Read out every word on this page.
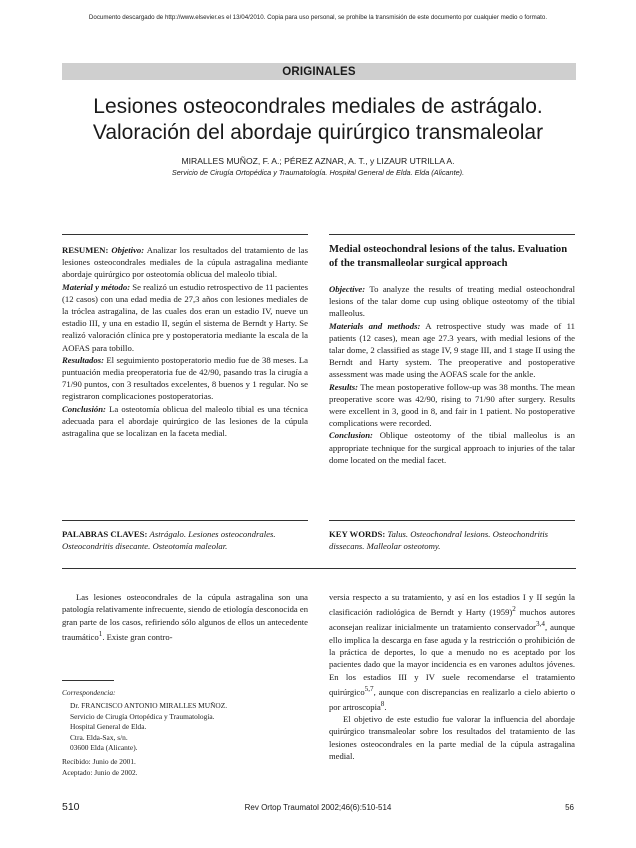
Documento descargado de http://www.elsevier.es el 13/04/2010. Copia para uso personal, se prohíbe la transmisión de este documento por cualquier medio o formato.
ORIGINALES
Lesiones osteocondrales mediales de astrágalo.
Valoración del abordaje quirúrgico transmaleolar
MIRALLES MUÑOZ, F. A.; PÉREZ AZNAR, A. T., y LIZAUR UTRILLA A.
Servicio de Cirugía Ortopédica y Traumatología. Hospital General de Elda. Elda (Alicante).

RESUMEN: Objetivo: Analizar los resultados del tratamiento de las lesiones osteocondrales mediales de la cúpula astragalina mediante abordaje quirúrgico por osteotomía oblicua del maleolo tibial.

Material y método: Se realizó un estudio retrospectivo de 11 pacientes (12 casos) con una edad media de 27,3 años con lesiones mediales de la tróclea astragalina, de las cuales dos eran un estadio IV, nueve un estadio III, y una en estadio II, según el sistema de Berndt y Harty. Se realizó valoración clínica pre y postoperatoria mediante la escala de la AOFAS para tobillo.

Resultados: El seguimiento postoperatorio medio fue de 38 meses. La puntuación media preoperatoria fue de 42/90, pasando tras la cirugía a 71/90 puntos, con 3 resultados excelentes, 8 buenos y 1 regular. No se registraron complicaciones postoperatorias.

Conclusión: La osteotomía oblicua del maleolo tibial es una técnica adecuada para el abordaje quirúrgico de las lesiones de la cúpula astragalina que se localizan en la faceta medial.

PALABRAS CLAVES: Astrágalo. Lesiones osteocondrales. Osteocondritis disecante. Osteotomía maleolar.
Medial osteochondral lesions of the talus. Evaluation of the transmalleolar surgical approach

Objective: To analyze the results of treating medial osteochondral lesions of the talar dome cup using oblique osteotomy of the tibial malleolus.

Materials and methods: A retrospective study was made of 11 patients (12 cases), mean age 27.3 years, with medial lesions of the talar dome, 2 classified as stage IV, 9 stage III, and 1 stage II using the Berndt and Harty system. The preoperative and postoperative assessment was made using the AOFAS scale for the ankle.

Results: The mean postoperative follow-up was 38 months. The mean preoperative score was 42/90, rising to 71/90 after surgery. Results were excellent in 3, good in 8, and fair in 1 patient. No postoperative complications were recorded.

Conclusion: Oblique osteotomy of the tibial malleolus is an appropriate technique for the surgical approach to injuries of the talar dome located on the medial facet.

KEY WORDS: Talus. Osteochondral lesions. Osteochondritis dissecans. Malleolar osteotomy.

Las lesiones osteocondrales de la cúpula astragalina son una patología relativamente infrecuente, siendo de etiología desconocida en gran parte de los casos, refiriendo sólo algunos de ellos un antecedente traumático$^1$. Existe gran contro-

Correspondencia:
Dr. FRANCISCO ANTONIO MIRALLES MUÑOZ.
Servicio de Cirugía Ortopédica y Traumatología.
Hospital General de Elda.
Ctra. Elda-Sax, s/n.
03600 Elda (Alicante).
Recibido: Junio de 2001.
Aceptado: Junio de 2002.

versia respecto a su tratamiento, y así en los estadios I y II según la clasificación radiológica de Berndt y Harty $(1959)^2$ muchos autores aconsejan realizar inicialmente un tratamiento conservador$^{3,4}$, aunque ello implica la descarga en fase aguda y la restricción o prohibición de la práctica de deportes, lo que a menudo no es aceptado por los pacientes dado que la mayor incidencia es en varones adultos jóvenes. En los estadios III y IV suele recomendarse el tratamiento quirúrgico$^{5,7}$, aunque con discrepancias en realizarlo a cielo abierto o por artroscopia$^8$.

El objetivo de este estudio fue valorar la influencia del abordaje quirúrgico transmaleolar sobre los resultados del tratamiento de las lesiones osteocondrales en la parte medial de la cúpula astragalina medial.

510	Rev Ortop Traumatol 2002;46(6):510-514	56
